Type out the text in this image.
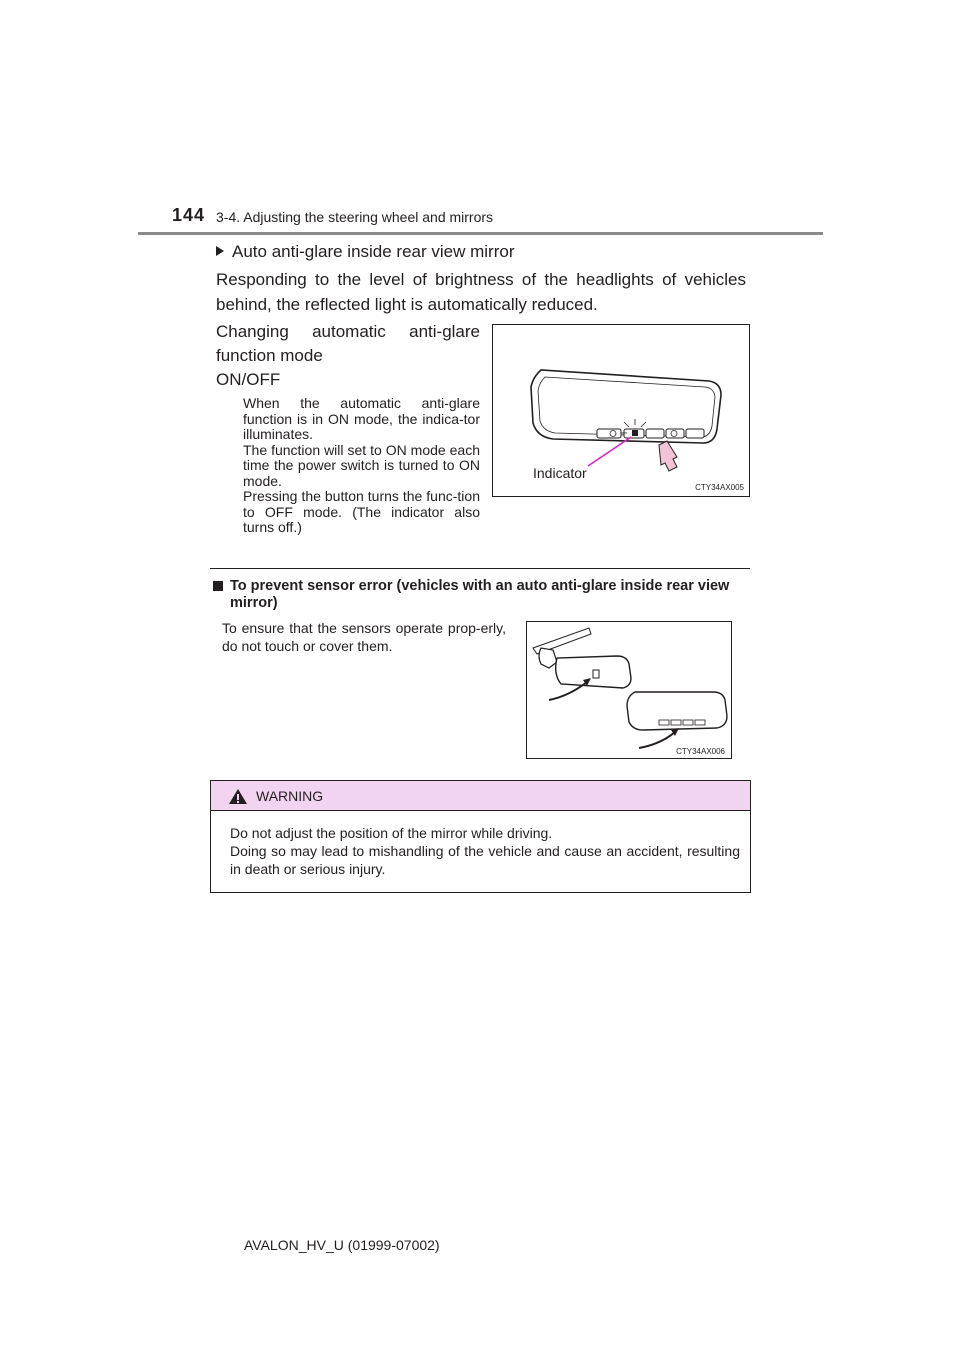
144 3-4. Adjusting the steering wheel and mirrors
Auto anti-glare inside rear view mirror
Responding to the level of brightness of the headlights of vehicles behind, the reflected light is automatically reduced.
Changing automatic anti-glare function mode
ON/OFF
When the automatic anti-glare function is in ON mode, the indica-tor illuminates.
The function will set to ON mode each time the power switch is turned to ON mode.
Pressing the button turns the func-tion to OFF mode. (The indicator also turns off.)
Indicator
CTY34AX005
To prevent sensor error (vehicles with an auto anti-glare inside rear view mirror)
To ensure that the sensors operate prop-erly, do not touch or cover them.
CTY34AX006
WARNING
Do not adjust the position of the mirror while driving.
Doing so may lead to mishandling of the vehicle and cause an accident, resulting in death or serious injury.
AVALON_HV_U (01999-07002)
